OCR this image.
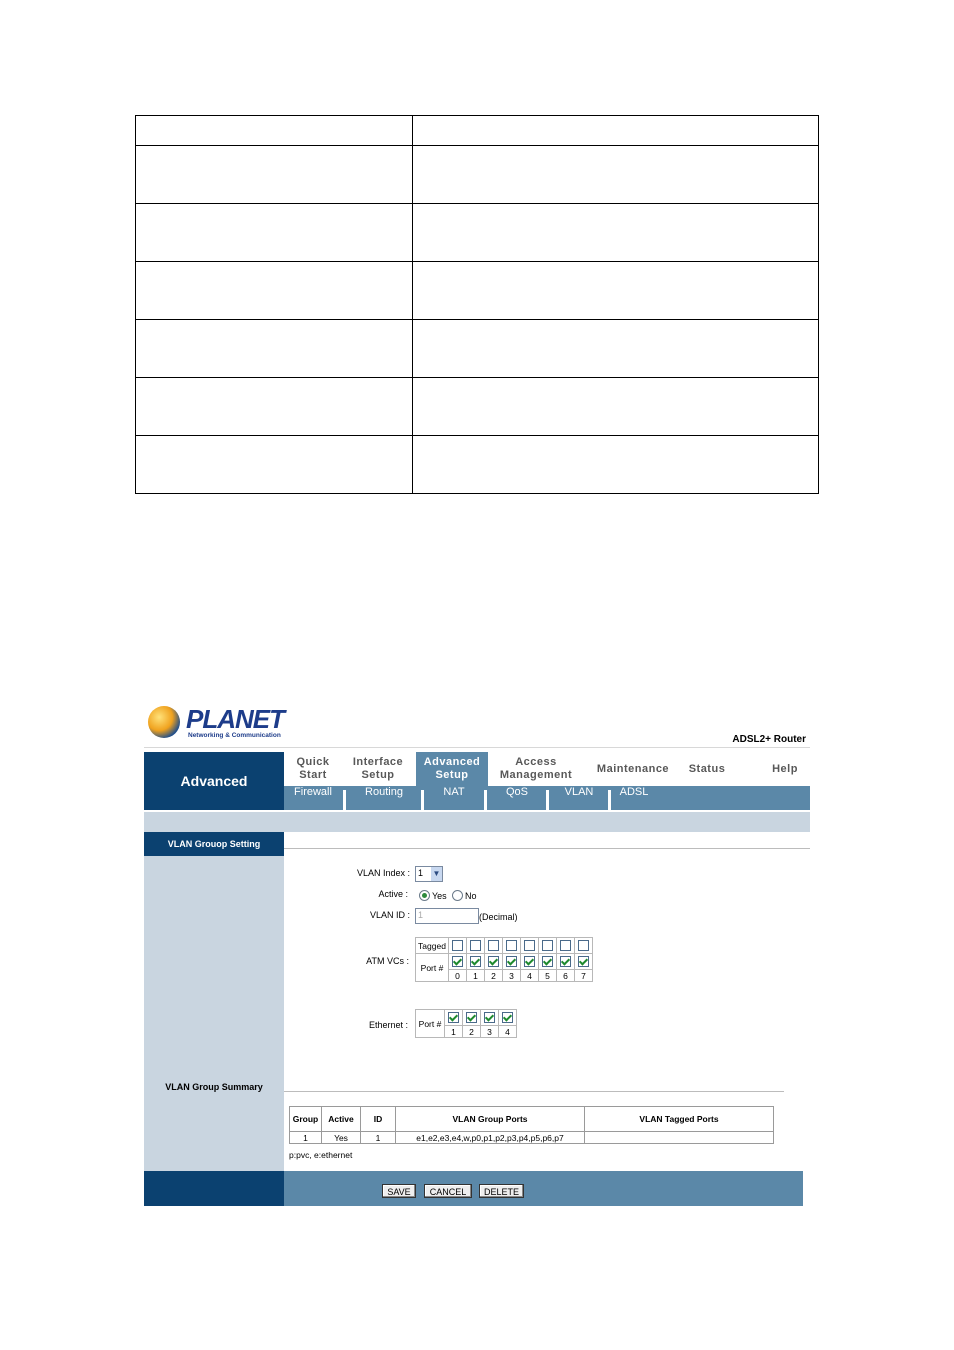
PLANET
Networking & Communication	ADSL2+ Router
Advanced
Quick
Start
Interface
Setup
Advanced
Setup
Access
Management
Maintenance	Status	Help
Firewall	Routing	NAT	QoS	VLAN	ADSL
VLAN Grouop Setting
VLAN Index : 1 ▼
Active :	Yes No
VLAN ID : 1	(Decimal)
ATM VCs :
Tagged								
Port #								
	0	1	2	3	4	5	6	7
Ethernet : Port #				
	1	2	3	4
VLAN Group Summary
Group	Active	ID	VLAN Group Ports	VLAN Tagged Ports
1	Yes	1	e1,e2,e3,e4,w,p0,p1,p2,p3,p4,p5,p6,p7	
p:pvc, e:ethernet
SAVE	CANCEL	DELETE
